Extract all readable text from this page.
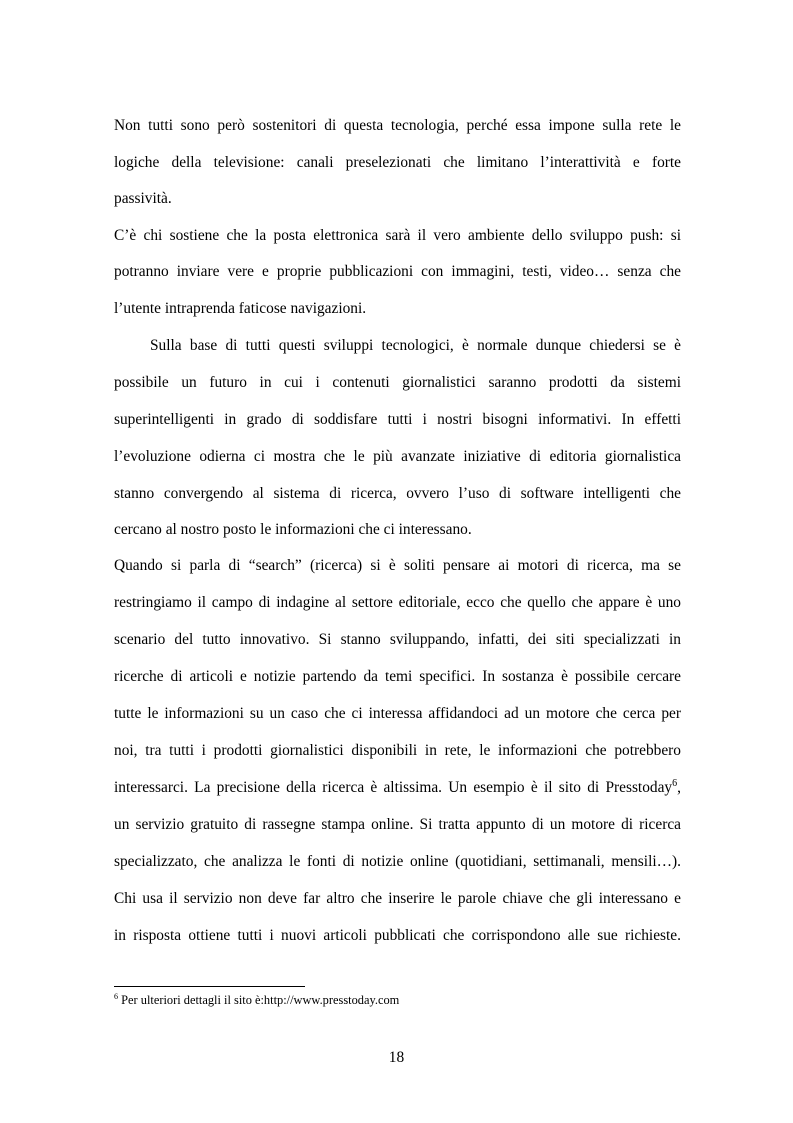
Non tutti sono però sostenitori di questa tecnologia, perché essa impone sulla rete le
logiche della televisione: canali preselezionati che limitano l’interattività e forte
passività.
C’è chi sostiene che la posta elettronica sarà il vero ambiente dello sviluppo push: si
potranno inviare vere e proprie pubblicazioni con immagini, testi, video… senza che
l’utente intraprenda faticose navigazioni.
Sulla base di tutti questi sviluppi tecnologici, è normale dunque chiedersi se è
possibile un futuro in cui i contenuti giornalistici saranno prodotti da sistemi
superintelligenti in grado di soddisfare tutti i nostri bisogni informativi. In effetti
l’evoluzione odierna ci mostra che le più avanzate iniziative di editoria giornalistica
stanno convergendo al sistema di ricerca, ovvero l’uso di software intelligenti che
cercano al nostro posto le informazioni che ci interessano.
Quando si parla di “search” (ricerca) si è soliti pensare ai motori di ricerca, ma se
restringiamo il campo di indagine al settore editoriale, ecco che quello che appare è uno
scenario del tutto innovativo. Si stanno sviluppando, infatti, dei siti specializzati in
ricerche di articoli e notizie partendo da temi specifici. In sostanza è possibile cercare
tutte le informazioni su un caso che ci interessa affidandoci ad un motore che cerca per
noi, tra tutti i prodotti giornalistici disponibili in rete, le informazioni che potrebbero
interessarci. La precisione della ricerca è altissima. Un esempio è il sito di Presstoday$^6$,
un servizio gratuito di rassegne stampa online. Si tratta appunto di un motore di ricerca
specializzato, che analizza le fonti di notizie online (quotidiani, settimanali, mensili…).
Chi usa il servizio non deve far altro che inserire le parole chiave che gli interessano e
in risposta ottiene tutti i nuovi articoli pubblicati che corrispondono alle sue richieste.
$^6$ Per ulteriori dettagli il sito è:http://www.presstoday.com
18
